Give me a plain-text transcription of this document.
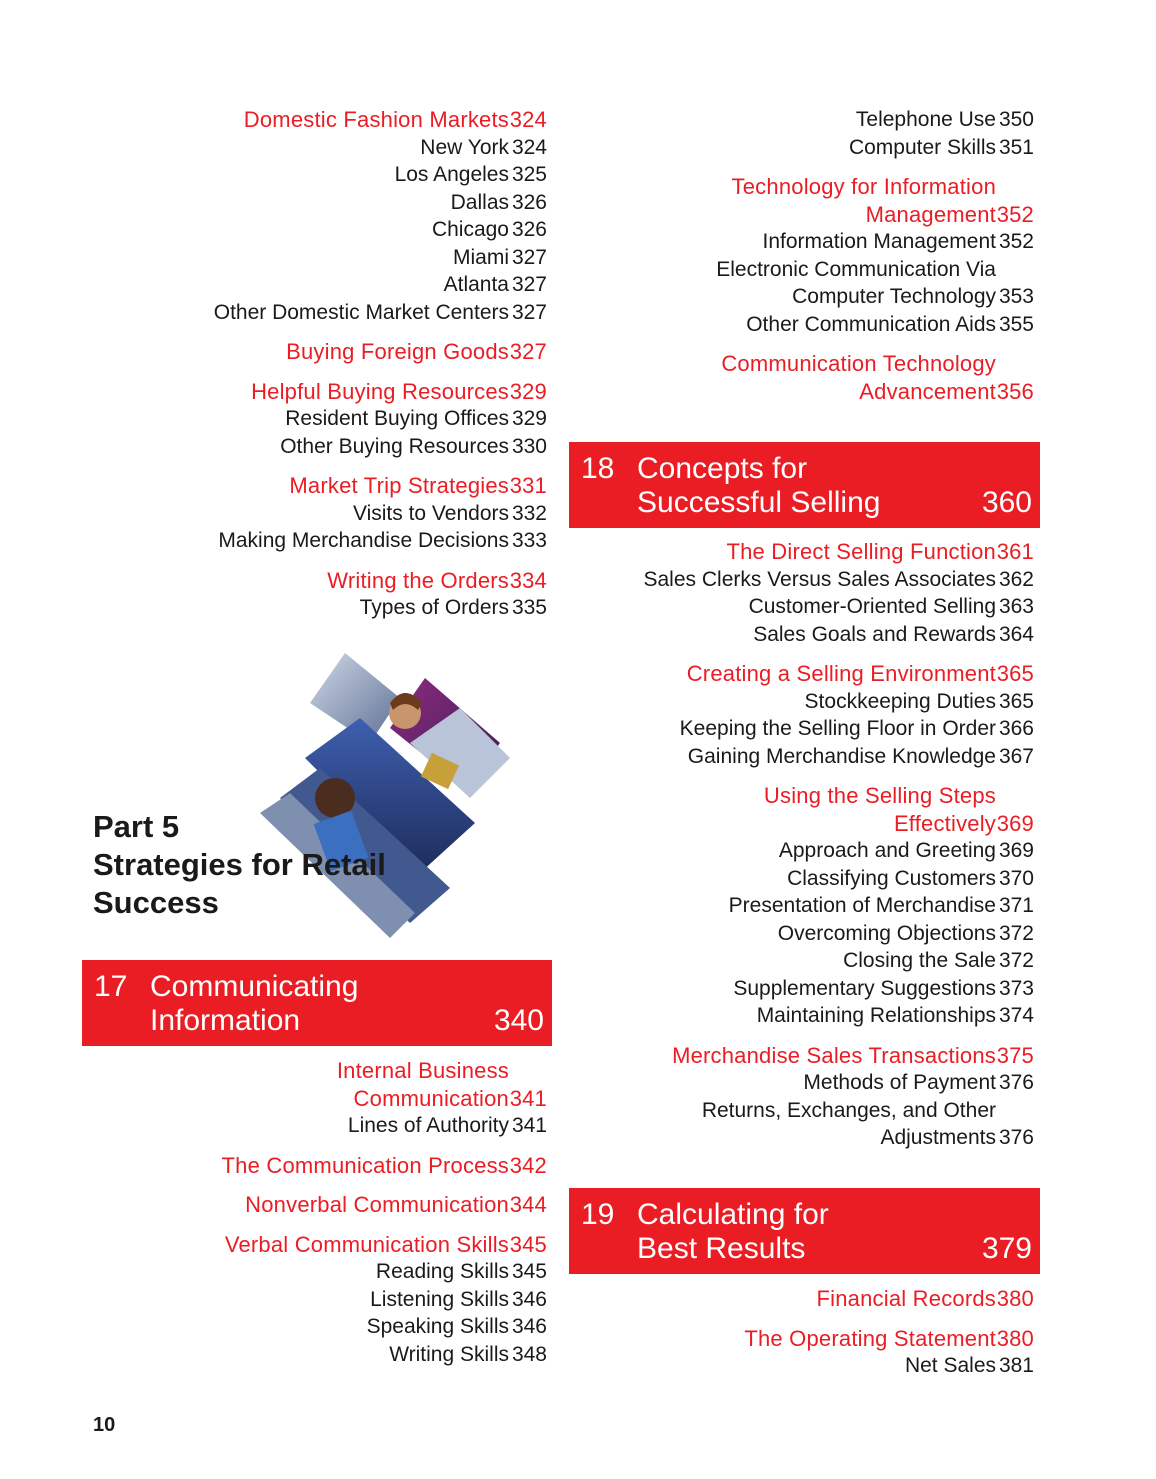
Domestic Fashion Markets324
New York 324
Los Angeles 325
Dallas 326
Chicago 326
Miami 327
Atlanta 327
Other Domestic Market Centers 327
Buying Foreign Goods327
Helpful Buying Resources329
Resident Buying Offices 329
Other Buying Resources 330
Market Trip Strategies331
Visits to Vendors 332
Making Merchandise Decisions 333
Writing the Orders334
Types of Orders 335
Part 5
Strategies for Retail
Success
17 Communicating
Information	340
Internal Business
Communication341
Lines of Authority 341
The Communication Process342
Nonverbal Communication344
Verbal Communication Skills345
Reading Skills 345
Listening Skills 346
Speaking Skills 346
Writing Skills 348
Telephone Use 350
Computer Skills 351
Technology for Information
Management352
Information Management 352
Electronic Communication Via
Computer Technology 353
Other Communication Aids 355
Communication Technology
Advancement356
18 Concepts for
Successful Selling	360
The Direct Selling Function361
Sales Clerks Versus Sales Associates 362
Customer-Oriented Selling 363
Sales Goals and Rewards 364
Creating a Selling Environment365
Stockkeeping Duties 365
Keeping the Selling Floor in Order 366
Gaining Merchandise Knowledge 367
Using the Selling Steps
Effectively369
Approach and Greeting 369
Classifying Customers 370
Presentation of Merchandise 371
Overcoming Objections 372
Closing the Sale 372
Supplementary Suggestions 373
Maintaining Relationships 374
Merchandise Sales Transactions375
Methods of Payment 376
Returns, Exchanges, and Other
Adjustments 376
19 Calculating for
Best Results	379
Financial Records380
The Operating Statement380
Net Sales 381
10
